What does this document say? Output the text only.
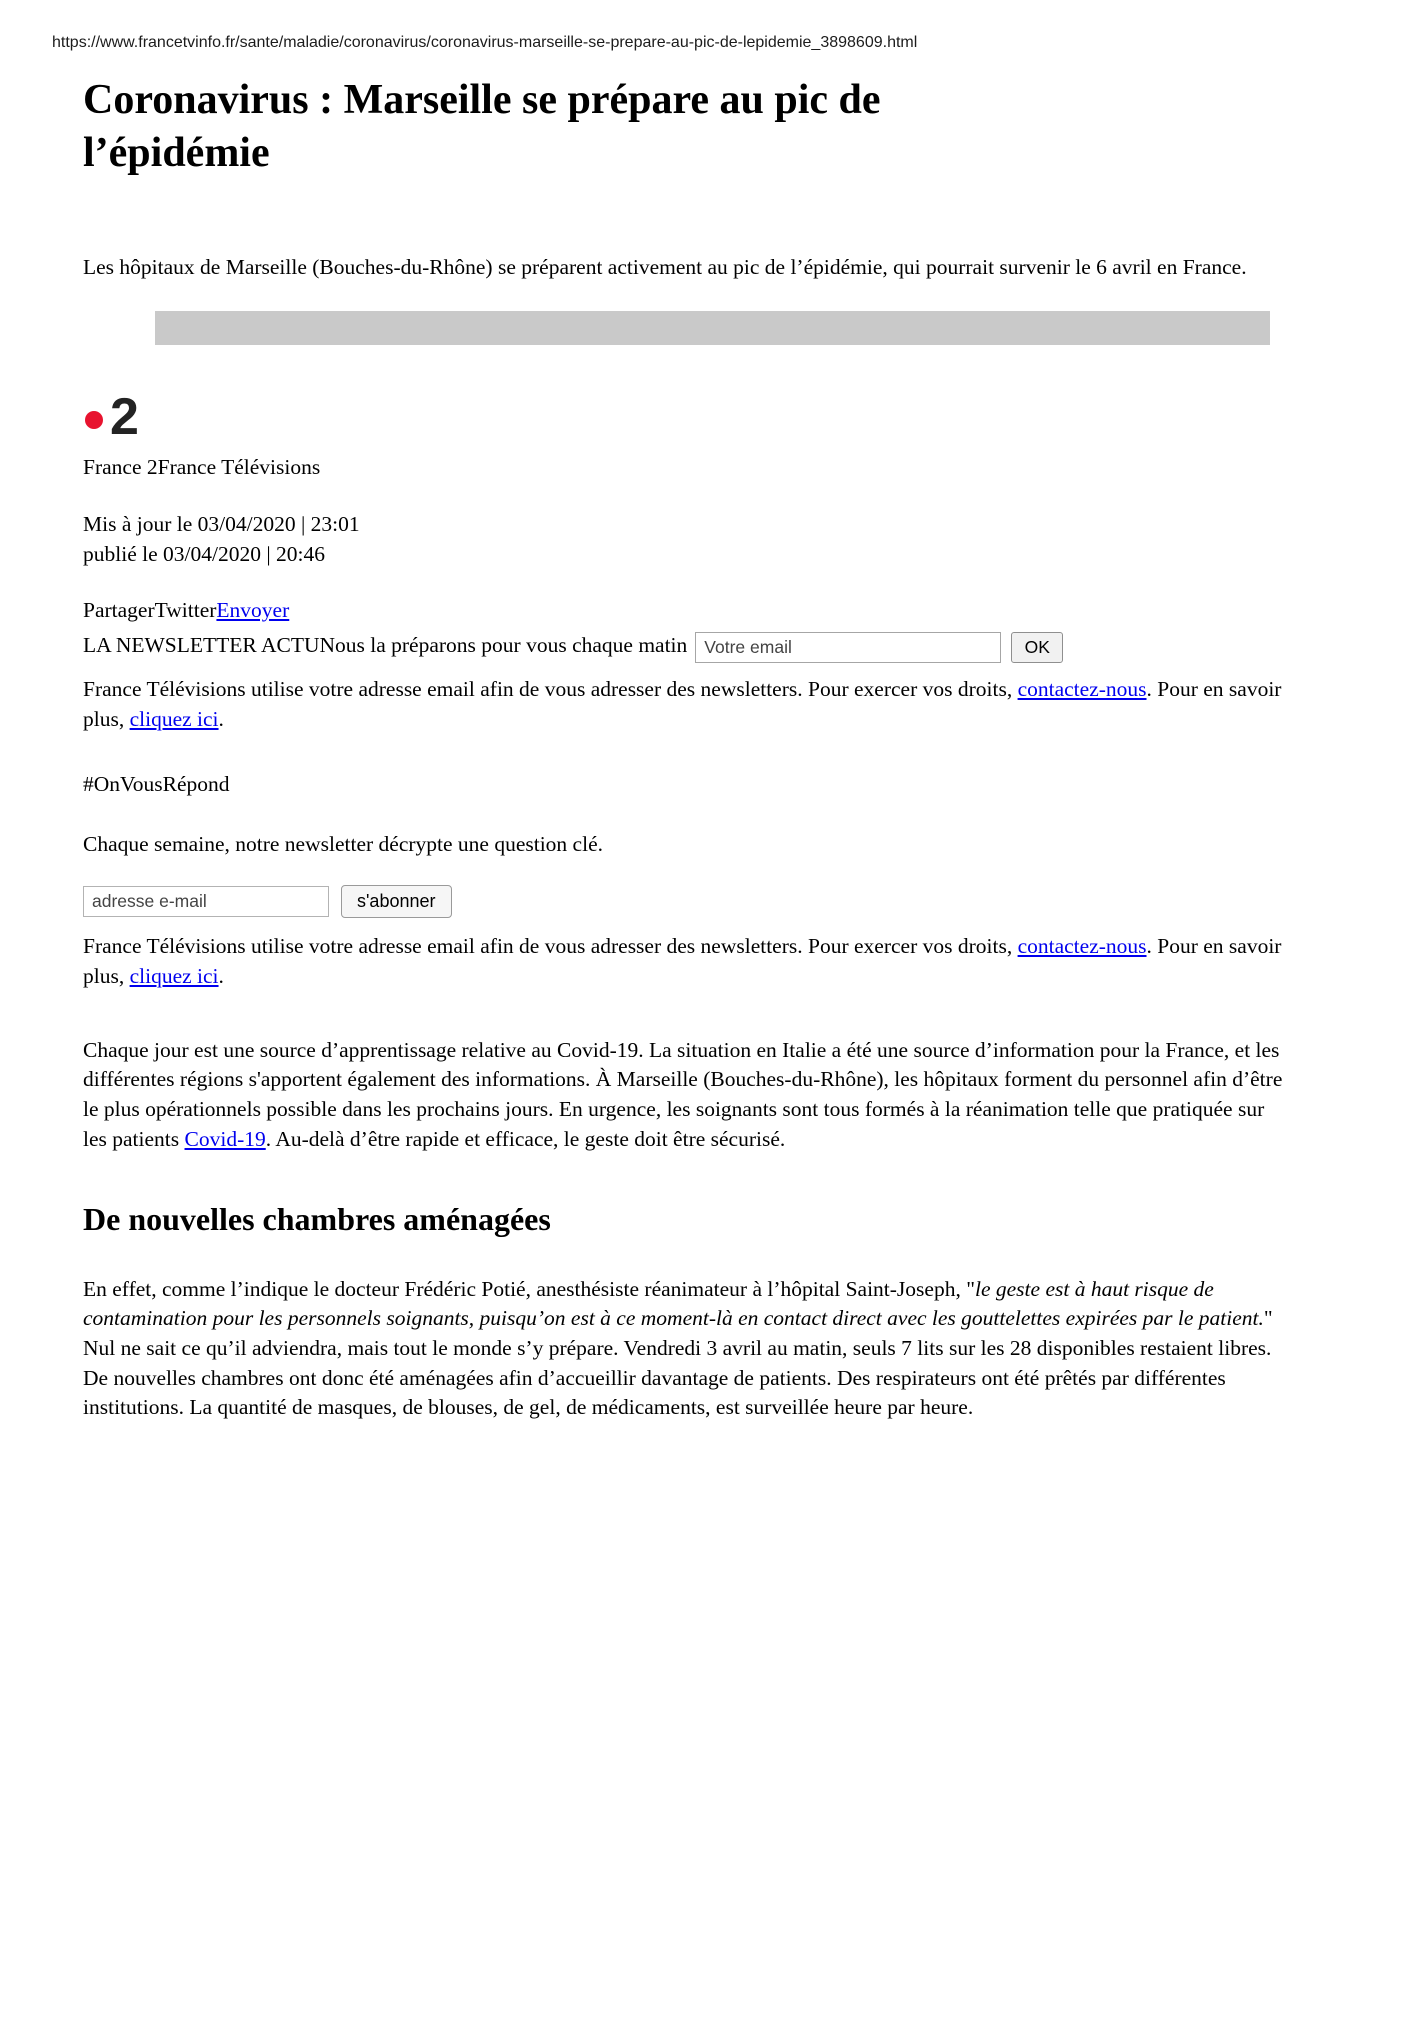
https://www.francetvinfo.fr/sante/maladie/coronavirus/coronavirus-marseille-se-prepare-au-pic-de-lepidemie_3898609.html
Coronavirus : Marseille se prépare au pic de l’épidémie

Les hôpitaux de Marseille (Bouches-du-Rhône) se préparent activement au pic de l’épidémie, qui pourrait survenir le 6 avril en France.

2

France 2France Télévisions

Mis à jour le 03/04/2020 | 23:01
publié le 03/04/2020 | 20:46

PartagerTwitterEnvoyer

LA NEWSLETTER ACTUNous la préparons pour vous chaque matinVotre email	OK

France Télévisions utilise votre adresse email afin de vous adresser des newsletters. Pour exercer vos droits, contactez-nous. Pour en savoir plus, cliquez ici.

#OnVousRépond

Chaque semaine, notre newsletter décrypte une question clé.

adresse e-mails'abonner

France Télévisions utilise votre adresse email afin de vous adresser des newsletters. Pour exercer vos droits, contactez-nous. Pour en savoir plus, cliquez ici.

Chaque jour est une source d’apprentissage relative au Covid-19. La situation en Italie a été une source d’information pour la France, et les différentes régions s'apportent également des informations. À Marseille (Bouches-du-Rhône), les hôpitaux forment du personnel afin d’être le plus opérationnels possible dans les prochains jours. En urgence, les soignants sont tous formés à la réanimation telle que pratiquée sur les patients Covid-19. Au-delà d’être rapide et efficace, le geste doit être sécurisé.

De nouvelles chambres aménagées

En effet, comme l’indique le docteur Frédéric Potié, anesthésiste réanimateur à l’hôpital Saint-Joseph, "le geste est à haut risque de contamination pour les personnels soignants, puisqu’on est à ce moment-là en contact direct avec les gouttelettes expirées par le patient." Nul ne sait ce qu’il adviendra, mais tout le monde s’y prépare. Vendredi 3 avril au matin, seuls 7 lits sur les 28 disponibles restaient libres. De nouvelles chambres ont donc été aménagées afin d’accueillir davantage de patients. Des respirateurs ont été prêtés par différentes institutions. La quantité de masques, de blouses, de gel, de médicaments, est surveillée heure par heure.
